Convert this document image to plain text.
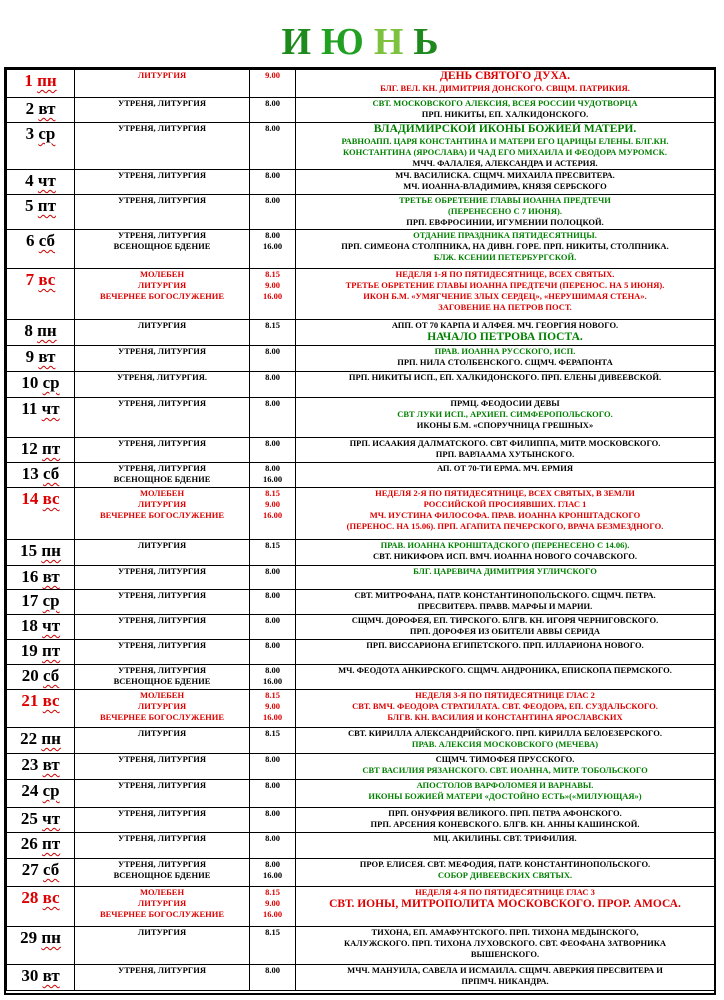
И Ю Н Ь
1 пн	ЛИТУРГИЯ	9.00	ДЕНЬ СВЯТОГО ДУХА.
БЛГ. ВЕЛ. КН. ДИМИТРИЯ ДОНСКОГО. СВЩМ. ПАТРИКИЯ.

2 вт	УТРЕНЯ, ЛИТУРГИЯ	8.00	СВТ. МОСКОВСКОГО АЛЕКСИЯ, ВСЕЯ РОССИИ ЧУДОТВОРЦА
ПРП. НИКИТЫ, ЕП. ХАЛКИДОНСКОГО.

3 ср	УТРЕНЯ, ЛИТУРГИЯ	8.00	ВЛАДИМИРСКОЙ ИКОНЫ БОЖИЕЙ МАТЕРИ.
РАВНОАПП. ЦАРЯ КОНСТАНТИНА И МАТЕРИ ЕГО ЦАРИЦЫ ЕЛЕНЫ. БЛГ.КН.
КОНСТАНТИНА (ЯРОСЛАВА) И ЧАД ЕГО МИХАИЛА И ФЕОДОРА МУРОМСК.
МЧЧ. ФАЛАЛЕЯ, АЛЕКСАНДРА И АСТЕРИЯ.

4 чт	УТРЕНЯ, ЛИТУРГИЯ	8.00	МЧ. ВАСИЛИСКА. СЩМЧ. МИХАИЛА ПРЕСВИТЕРА.
МЧ. ИОАННА-ВЛАДИМИРА, КНЯЗЯ СЕРБСКОГО

5 пт	УТРЕНЯ, ЛИТУРГИЯ	8.00	ТРЕТЬЕ ОБРЕТЕНИЕ ГЛАВЫ ИОАННА ПРЕДТЕЧИ
(ПЕРЕНЕСЕНО С 7 ИЮНЯ).
ПРП. ЕВФРОСИНИИ, ИГУМЕНИИ ПОЛОЦКОЙ.

6 сб	УТРЕНЯ, ЛИТУРГИЯ
ВСЕНОЩНОЕ БДЕНИЕ	8.00
16.00	ОТДАНИЕ ПРАЗДНИКА ПЯТИДЕСЯТНИЦЫ.
ПРП. СИМЕОНА СТОЛПНИКА, НА ДИВН. ГОРЕ. ПРП. НИКИТЫ, СТОЛПНИКА.
БЛЖ. КСЕНИИ ПЕТЕРБУРГСКОЙ.

7 вс	МОЛЕБЕН
ЛИТУРГИЯ
ВЕЧЕРНЕЕ БОГОСЛУЖЕНИЕ	8.15
9.00
16.00	НЕДЕЛЯ 1-Я ПО ПЯТИДЕСЯТНИЦЕ, ВСЕХ СВЯТЫХ.
ТРЕТЬЕ ОБРЕТЕНИЕ ГЛАВЫ ИОАННА ПРЕДТЕЧИ (ПЕРЕНОС. НА 5 ИЮНЯ).
ИКОН Б.М. «УМЯГЧЕНИЕ ЗЛЫХ СЕРДЕЦ», «НЕРУШИМАЯ СТЕНА».
ЗАГОВЕНИЕ НА ПЕТРОВ ПОСТ.

8 пн	ЛИТУРГИЯ	8.15	АПП. ОТ 70 КАРПА И АЛФЕЯ. МЧ. ГЕОРГИЯ НОВОГО.
НАЧАЛО ПЕТРОВА ПОСТА.

9 вт	УТРЕНЯ, ЛИТУРГИЯ	8.00	ПРАВ. ИОАННА РУССКОГО, ИСП.
ПРП. НИЛА СТОЛБЕНСКОГО. СЩМЧ. ФЕРАПОНТА

10 ср	УТРЕНЯ, ЛИТУРГИЯ.	8.00	ПРП. НИКИТЫ ИСП., ЕП. ХАЛКИДОНСКОГО. ПРП. ЕЛЕНЫ ДИВЕЕВСКОЙ.

11 чт	УТРЕНЯ, ЛИТУРГИЯ	8.00	ПРМЦ. ФЕОДОСИИ ДЕВЫ
СВТ ЛУКИ ИСП., АРХИЕП. СИМФЕРОПОЛЬСКОГО.
ИКОНЫ Б.М. «СПОРУЧНИЦА ГРЕШНЫХ»

12 пт	УТРЕНЯ, ЛИТУРГИЯ	8.00	ПРП. ИСААКИЯ ДАЛМАТСКОГО. СВТ ФИЛИППА, МИТР. МОСКОВСКОГО.
ПРП. ВАРЛААМА ХУТЫНСКОГО.

13 сб	УТРЕНЯ, ЛИТУРГИЯ
ВСЕНОЩНОЕ БДЕНИЕ	8.00
16.00	АП. ОТ 70-ТИ ЕРМА. МЧ. ЕРМИЯ

14 вс	МОЛЕБЕН
ЛИТУРГИЯ
ВЕЧЕРНЕЕ БОГОСЛУЖЕНИЕ	8.15
9.00
16.00	НЕДЕЛЯ 2-Я ПО ПЯТИДЕСЯТНИЦЕ, ВСЕХ СВЯТЫХ, В ЗЕМЛИ
РОССИЙСКОЙ ПРОСИЯВШИХ. ГЛАС 1
МЧ. ИУСТИНА ФИЛОСОФА. ПРАВ. ИОАННА КРОНШТАДСКОГО
(ПЕРЕНОС. НА 15.06). ПРП. АГАПИТА ПЕЧЕРСКОГО, ВРАЧА БЕЗМЕЗДНОГО.

15 пн	ЛИТУРГИЯ	8.15	ПРАВ. ИОАННА КРОНШТАДСКОГО (ПЕРЕНЕСЕНО С 14.06).
СВТ. НИКИФОРА ИСП. ВМЧ. ИОАННА НОВОГО СОЧАВСКОГО.

16 вт	УТРЕНЯ, ЛИТУРГИЯ	8.00	БЛГ. ЦАРЕВИЧА ДИМИТРИЯ УГЛИЧСКОГО

17 ср	УТРЕНЯ, ЛИТУРГИЯ	8.00	СВТ. МИТРОФАНА, ПАТР. КОНСТАНТИНОПОЛЬСКОГО. СЩМЧ. ПЕТРА.
ПРЕСВИТЕРА. ПРАВВ. МАРФЫ И МАРИИ.

18 чт	УТРЕНЯ, ЛИТУРГИЯ	8.00	СЩМЧ. ДОРОФЕЯ, ЕП. ТИРСКОГО. БЛГВ. КН. ИГОРЯ ЧЕРНИГОВСКОГО.
ПРП. ДОРОФЕЯ ИЗ ОБИТЕЛИ АВВЫ СЕРИДА

19 пт	УТРЕНЯ, ЛИТУРГИЯ	8.00	ПРП. ВИССАРИОНА ЕГИПЕТСКОГО. ПРП. ИЛЛАРИОНА НОВОГО.

20 сб	УТРЕНЯ, ЛИТУРГИЯ
ВСЕНОЩНОЕ БДЕНИЕ	8.00
16.00	МЧ. ФЕОДОТА АНКИРСКОГО. СЩМЧ. АНДРОНИКА, ЕПИСКОПА ПЕРМСКОГО.

21 вс	МОЛЕБЕН
ЛИТУРГИЯ
ВЕЧЕРНЕЕ БОГОСЛУЖЕНИЕ	8.15
9.00
16.00	НЕДЕЛЯ 3-Я ПО ПЯТИДЕСЯТНИЦЕ ГЛАС 2
СВТ. ВМЧ. ФЕОДОРА СТРАТИЛАТА. СВТ. ФЕОДОРА, ЕП. СУЗДАЛЬСКОГО.
БЛГВ. КН. ВАСИЛИЯ И КОНСТАНТИНА ЯРОСЛАВСКИХ

22 пн	ЛИТУРГИЯ	8.15	СВТ. КИРИЛЛА АЛЕКСАНДРИЙСКОГО. ПРП. КИРИЛЛА БЕЛОЕЗЕРСКОГО.
ПРАВ. АЛЕКСИЯ МОСКОВСКОГО (МЕЧЕВА)

23 вт	УТРЕНЯ, ЛИТУРГИЯ	8.00	СЩМЧ. ТИМОФЕЯ ПРУССКОГО.
СВТ ВАСИЛИЯ РЯЗАНСКОГО. СВТ. ИОАННА, МИТР. ТОБОЛЬСКОГО

24 ср	УТРЕНЯ, ЛИТУРГИЯ	8.00	АПОСТОЛОВ ВАРФОЛОМЕЯ И ВАРНАВЫ.
ИКОНЫ БОЖИЕЙ МАТЕРИ «ДОСТОЙНО ЕСТЬ»(«МИЛУЮЩАЯ»)

25 чт	УТРЕНЯ, ЛИТУРГИЯ	8.00	ПРП. ОНУФРИЯ ВЕЛИКОГО. ПРП. ПЕТРА АФОНСКОГО.
ПРП. АРСЕНИЯ КОНЕВСКОГО. БЛГВ. КН. АННЫ КАШИНСКОЙ.

26 пт	УТРЕНЯ, ЛИТУРГИЯ	8.00	МЦ. АКИЛИНЫ. СВТ. ТРИФИЛИЯ.

27 сб	УТРЕНЯ, ЛИТУРГИЯ
ВСЕНОЩНОЕ БДЕНИЕ	8.00
16.00	ПРОР. ЕЛИСЕЯ. СВТ. МЕФОДИЯ, ПАТР. КОНСТАНТИНОПОЛЬСКОГО.
СОБОР ДИВЕЕВСКИХ СВЯТЫХ.

28 вс	МОЛЕБЕН
ЛИТУРГИЯ
ВЕЧЕРНЕЕ БОГОСЛУЖЕНИЕ	8.15
9.00
16.00	НЕДЕЛЯ 4-Я ПО ПЯТИДЕСЯТНИЦЕ ГЛАС 3
СВТ. ИОНЫ, МИТРОПОЛИТА МОСКОВСКОГО. ПРОР. АМОСА.

29 пн	ЛИТУРГИЯ	8.15	ТИХОНА, ЕП. АМАФУНТСКОГО. ПРП. ТИХОНА МЕДЫНСКОГО,
КАЛУЖСКОГО. ПРП. ТИХОНА ЛУХОВСКОГО. СВТ. ФЕОФАНА ЗАТВОРНИКА
ВЫШЕНСКОГО.

30 вт	УТРЕНЯ, ЛИТУРГИЯ	8.00	МЧЧ. МАНУИЛА, САВЕЛА И ИСМАИЛА. СЩМЧ. АВЕРКИЯ ПРЕСВИТЕРА И
ПРПМЧ. НИКАНДРА.
